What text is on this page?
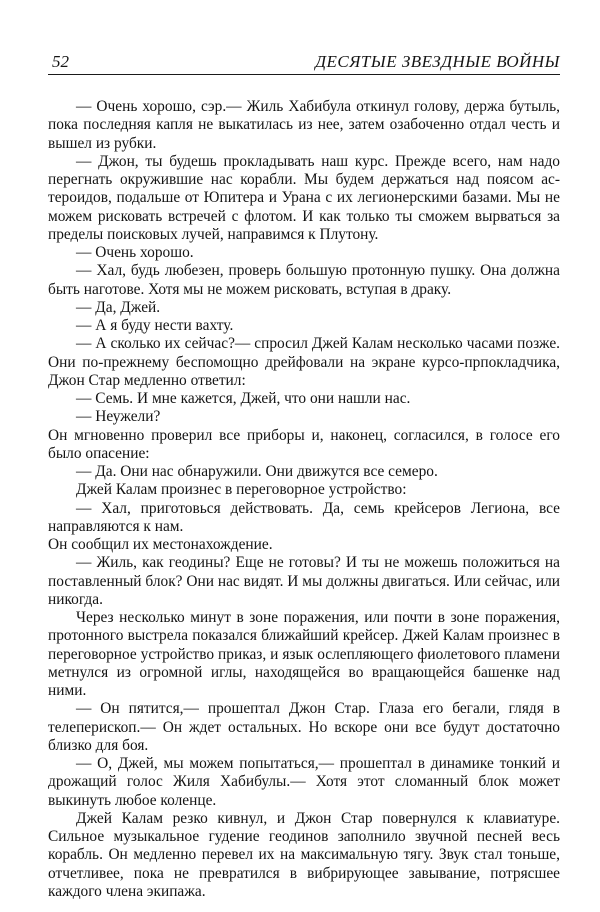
52	ДЕСЯТЫЕ ЗВЕЗДНЫЕ ВОЙНЫ

— Очень хорошо, сэр.— Жиль Хабибула откинул голову, держа бутыль, пока последняя капля не выкатилась из нее, затем озабоченно отдал честь и вышел из рубки.

— Джон, ты будешь прокладывать наш курс. Прежде всего, нам надо перегнать окружившие нас корабли. Мы будем держаться над поясом астероидов, подальше от Юпитера и Урана с их легионерскими базами. Мы не можем рисковать встречей с флотом. И как только ты сможем вырваться за пределы поисковых лучей, направимся к Плутону.

— Очень хорошо.

— Хал, будь любезен, проверь большую протонную пушку. Она должна быть наготове. Хотя мы не можем рисковать, вступая в драку.

— Да, Джей.

— А я буду нести вахту.

— А сколько их сейчас?— спросил Джей Калам несколько часами позже. Они по-прежнему беспомощно дрейфовали на экране курсо-прпокладчика, Джон Стар медленно ответил:

— Семь. И мне кажется, Джей, что они нашли нас.

— Неужели?

Он мгновенно проверил все приборы и, наконец, согласился, в голосе его было опасение:

— Да. Они нас обнаружили. Они движутся все семеро.

Джей Калам произнес в переговорное устройство:

— Хал, приготовься действовать. Да, семь крейсеров Легиона, все направляются к нам.

Он сообщил их местонахождение.

— Жиль, как геодины? Еще не готовы? И ты не можешь положиться на поставленный блок? Они нас видят. И мы должны двигаться. Или сейчас, или никогда.

Через несколько минут в зоне поражения, или почти в зоне поражения, протонного выстрела показался ближайший крейсер. Джей Калам произнес в переговорное устройство приказ, и язык ослепляющего фиолетового пламени метнулся из огромной иглы, находящейся во вращающейся башенке над ними.

— Он пятится,— прошептал Джон Стар. Глаза его бегали, глядя в телеперископ.— Он ждет остальных. Но вскоре они все будут достаточно близко для боя.

— О, Джей, мы можем попытаться,— прошептал в динамике тонкий и дрожащий голос Жиля Хабибулы.— Хотя этот сломанный блок может выкинуть любое коленце.

Джей Калам резко кивнул, и Джон Стар повернулся к клавиатуре. Сильное музыкальное гудение геодинов заполнило звучной песней весь корабль. Он медленно перевел их на максимальную тягу. Звук стал тоньше, отчетливее, пока не превратился в вибрирующее завывание, потрясшее каждого члена экипажа.
